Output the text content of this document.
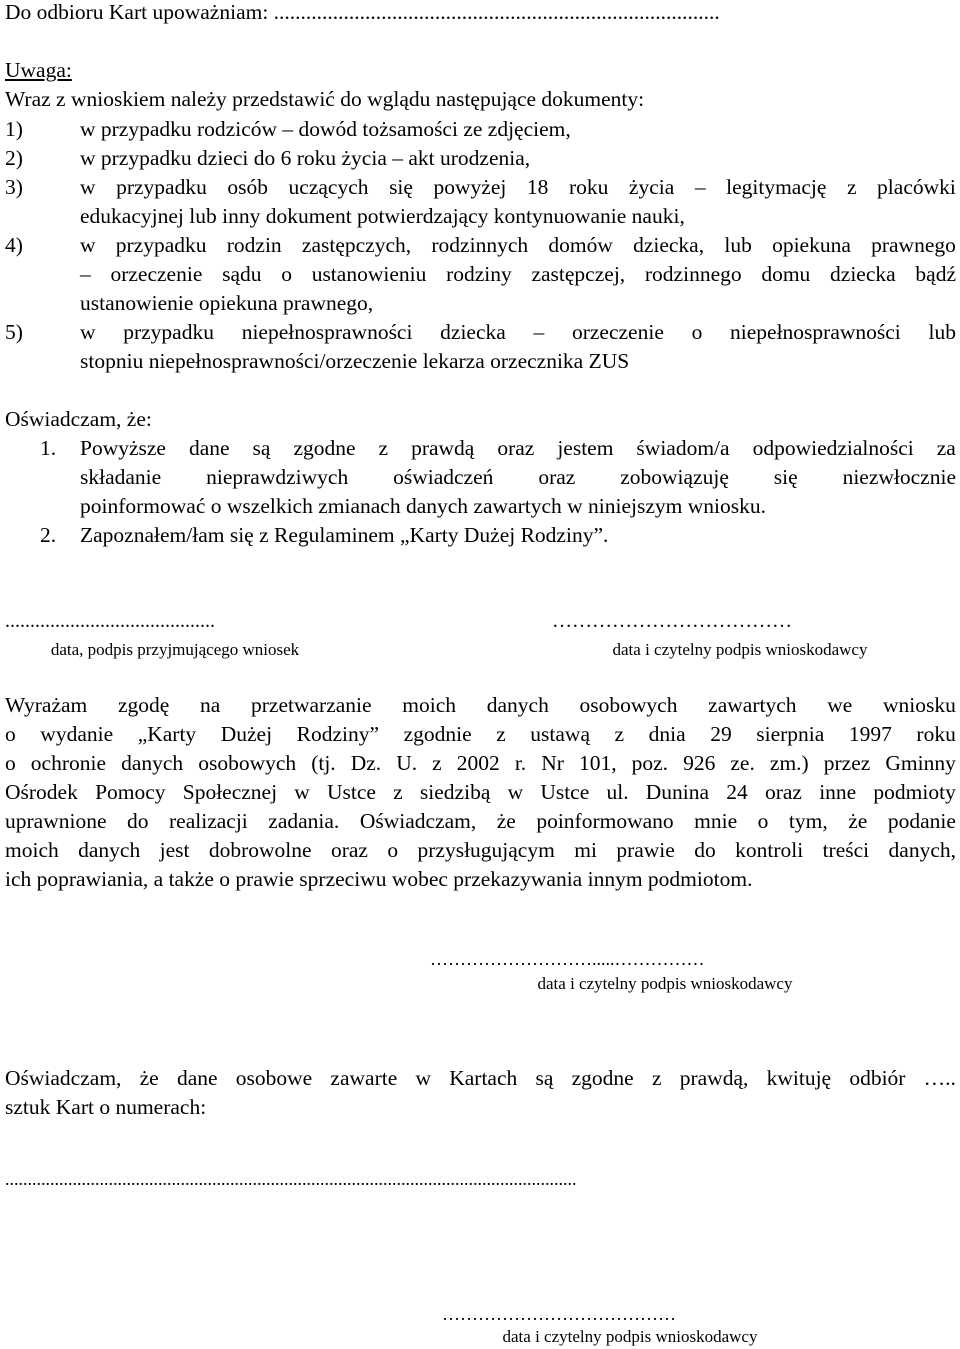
Do odbioru Kart upoważniam: ...................................................................................
Uwaga:
Wraz z wnioskiem należy przedstawić do wglądu następujące dokumenty:
1)	w przypadku rodziców – dowód tożsamości ze zdjęciem,
2)	w przypadku dzieci do 6 roku życia – akt urodzenia,
3)	w przypadku osób uczących się powyżej 18 roku życia – legitymację z placówki
edukacyjnej lub inny dokument potwierdzający kontynuowanie nauki,
4)	w przypadku rodzin zastępczych, rodzinnych domów dziecka, lub opiekuna prawnego
– orzeczenie sądu o ustanowieniu rodziny zastępczej, rodzinnego domu dziecka bądź
ustanowienie opiekuna prawnego,
5)	w przypadku niepełnosprawności dziecka – orzeczenie o niepełnosprawności lub
stopniu niepełnosprawności/orzeczenie lekarza orzecznika ZUS
Oświadczam, że:
1. Powyższe dane są zgodne z prawdą oraz jestem świadom/a odpowiedzialności za
składanie nieprawdziwych oświadczeń oraz zobowiązuję się niezwłocznie
poinformować o wszelkich zmianach danych zawartych w niniejszym wniosku.
2. Zapoznałem/łam się z Regulaminem „Karty Dużej Rodziny”.
..........................................	………………………………
data, podpis przyjmującego wniosek	data i czytelny podpis wnioskodawcy
Wyrażam zgodę na przetwarzanie moich danych osobowych zawartych we wniosku
o wydanie „Karty Dużej Rodziny” zgodnie z ustawą z dnia 29 sierpnia 1997 roku
o ochronie danych osobowych (tj. Dz. U. z 2002 r. Nr 101, poz. 926 ze. zm.) przez Gminny
Ośrodek Pomocy Społecznej w Ustce z siedzibą w Ustce ul. Dunina 24 oraz inne podmioty
uprawnione do realizacji zadania. Oświadczam, że poinformowano mnie o tym, że podanie
moich danych jest dobrowolne oraz o przysługującym mi prawie do kontroli treści danych,
ich poprawiania, a także o prawie sprzeciwu wobec przekazywania innym podmiotom.
……………………….....……………
data i czytelny podpis wnioskodawcy
Oświadczam, że dane osobowe zawarte w Kartach są zgodne z prawdą, kwituję odbiór …..
sztuk Kart o numerach:
...............................................................................................................................
…………………………………
data i czytelny podpis wnioskodawcy
